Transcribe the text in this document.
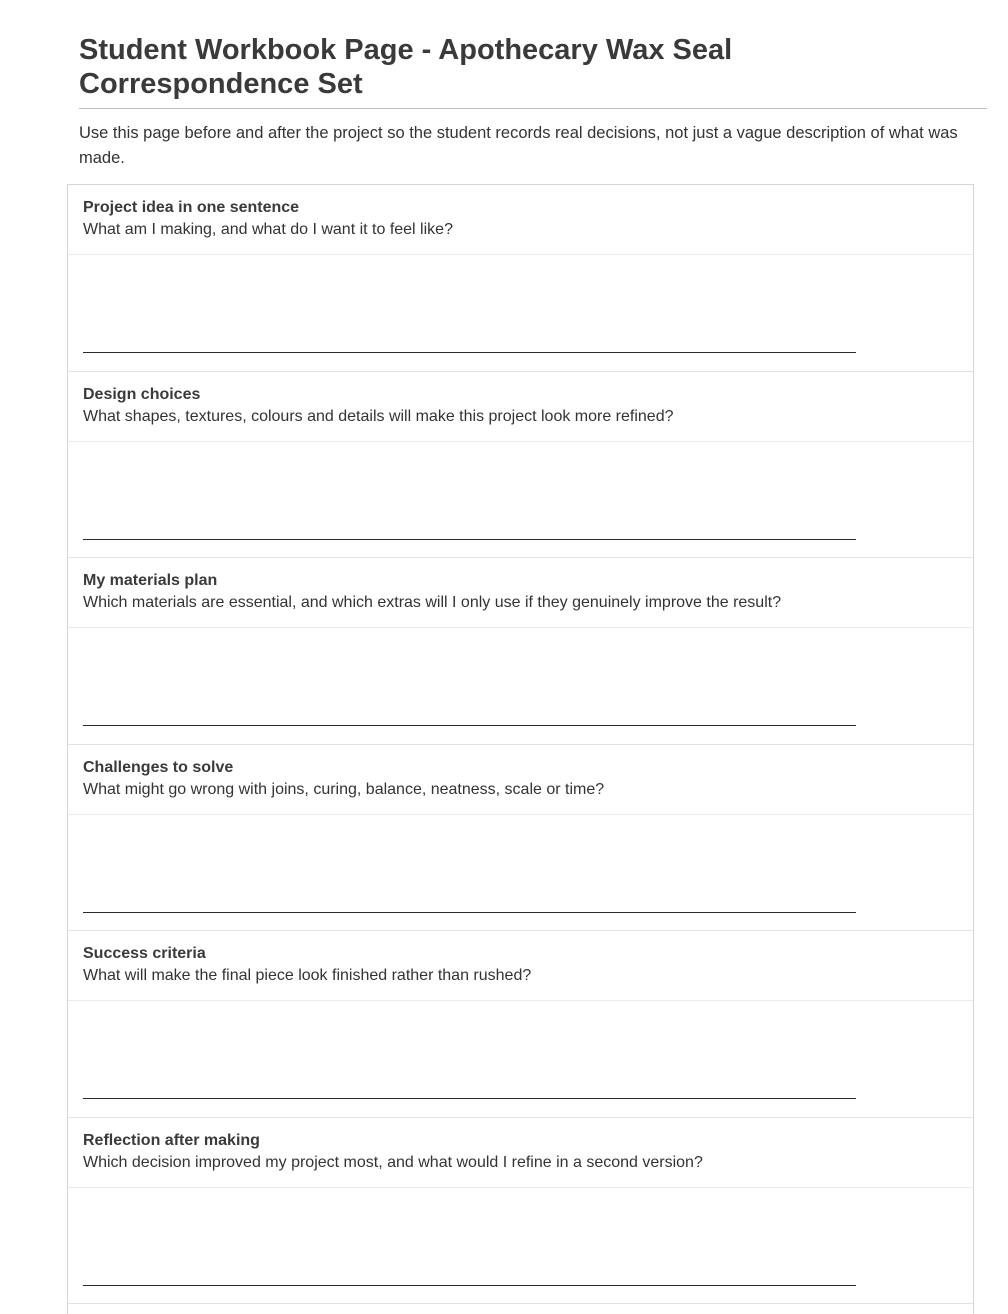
Student Workbook Page - Apothecary Wax Seal Correspondence Set

Use this page before and after the project so the student records real decisions, not just a vague description of what was made.

Project idea in one sentence
What am I making, and what do I want it to feel like?
Design choices
What shapes, textures, colours and details will make this project look more refined?
My materials plan
Which materials are essential, and which extras will I only use if they genuinely improve the result?
Challenges to solve
What might go wrong with joins, curing, balance, neatness, scale or time?
Success criteria
What will make the final piece look finished rather than rushed?
Reflection after making
Which decision improved my project most, and what would I refine in a second version?
